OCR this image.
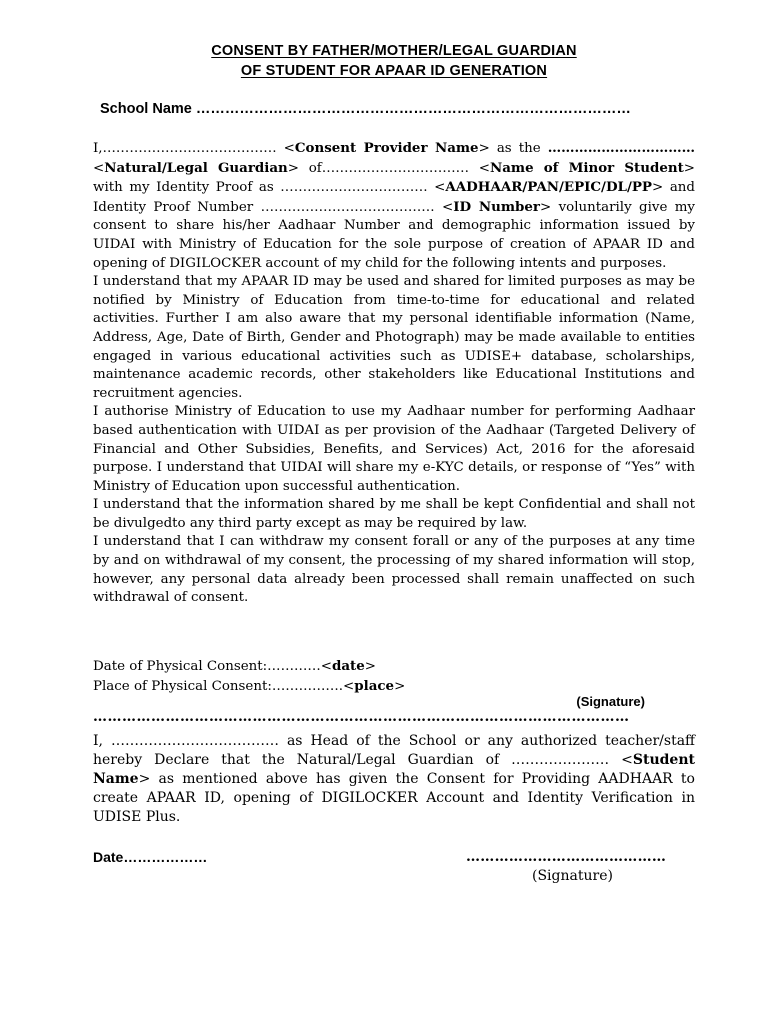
CONSENT BY FATHER/MOTHER/LEGAL GUARDIAN
OF STUDENT FOR APAAR ID GENERATION
School Name ………………………………………………………………………………

I,………………………………… <Consent Provider Name> as the …………………………… <Natural/Legal Guardian> of…………………………… <Name of Minor Student> with my Identity Proof as …………………………… <AADHAAR/PAN/EPIC/DL/PP> and Identity Proof Number ………………………………… <ID Number> voluntarily give my consent to share his/her Aadhaar Number and demographic information issued by UIDAI with Ministry of Education for the sole purpose of creation of APAAR ID and opening of DIGILOCKER account of my child for the following intents and purposes.

I understand that my APAAR ID may be used and shared for limited purposes as may be notified by Ministry of Education from time-to-time for educational and related activities. Further I am also aware that my personal identifiable information (Name, Address, Age, Date of Birth, Gender and Photograph) may be made available to entities engaged in various educational activities such as UDISE+ database, scholarships, maintenance academic records, other stakeholders like Educational Institutions and recruitment agencies.

I authorise Ministry of Education to use my Aadhaar number for performing Aadhaar based authentication with UIDAI as per provision of the Aadhaar (Targeted Delivery of Financial and Other Subsidies, Benefits, and Services) Act, 2016 for the aforesaid purpose. I understand that UIDAI will share my e-KYC details, or response of “Yes” with Ministry of Education upon successful authentication.

I understand that the information shared by me shall be kept Confidential and shall not be divulgedto any third party except as may be required by law.

I understand that I can withdraw my consent forall or any of the purposes at any time by and on withdrawal of my consent, the processing of my shared information will stop, however, any personal data already been processed shall remain unaffected on such withdrawal of consent.

Date of Physical Consent:…………<date>
Place of Physical Consent:…………….<place>
(Signature)
…………………………………………………………………………………………………

I, ……………………………… as Head of the School or any authorized teacher/staff hereby Declare that the Natural/Legal Guardian of ………………… <Student Name> as mentioned above has given the Consent for Providing AADHAAR to create APAAR ID, opening of DIGILOCKER Account and Identity Verification in UDISE Plus.

Date………………	……………………………………
(Signature)
